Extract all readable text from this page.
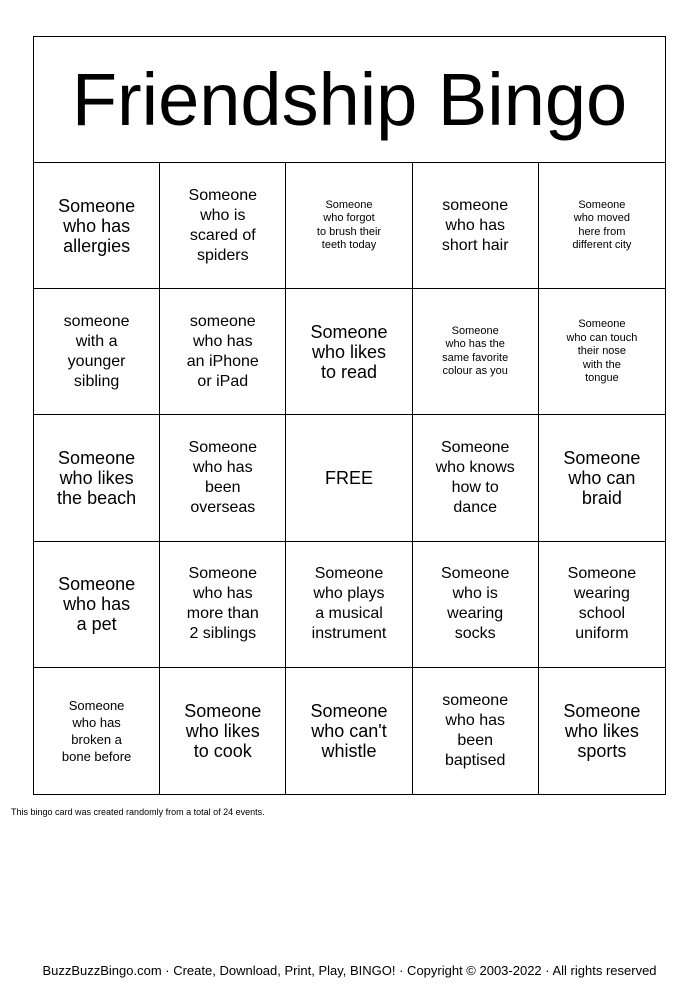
Friendship Bingo
Someone
who has
allergies
Someone
who is
scared of
spiders
Someone
who forgot
to brush their
teeth today
someone
who has
short hair
Someone
who moved
here from
different city
someone
with a
younger
sibling
someone
who has
an iPhone
or iPad
Someone
who likes
to read
Someone
who has the
same favorite
colour as you
Someone
who can touch
their nose
with the
tongue
Someone
who likes
the beach
Someone
who has
been
overseas
FREE
Someone
who knows
how to
dance
Someone
who can
braid
Someone
who has
a pet
Someone
who has
more than
2 siblings
Someone
who plays
a musical
instrument
Someone
who is
wearing
socks
Someone
wearing
school
uniform
Someone
who has
broken a
bone before
Someone
who likes
to cook
Someone
who can't
whistle
someone
who has
been
baptised
Someone
who likes
sports
This bingo card was created randomly from a total of 24 events.
BuzzBuzzBingo.com · Create, Download, Print, Play, BINGO! · Copyright © 2003-2022 · All rights reserved
